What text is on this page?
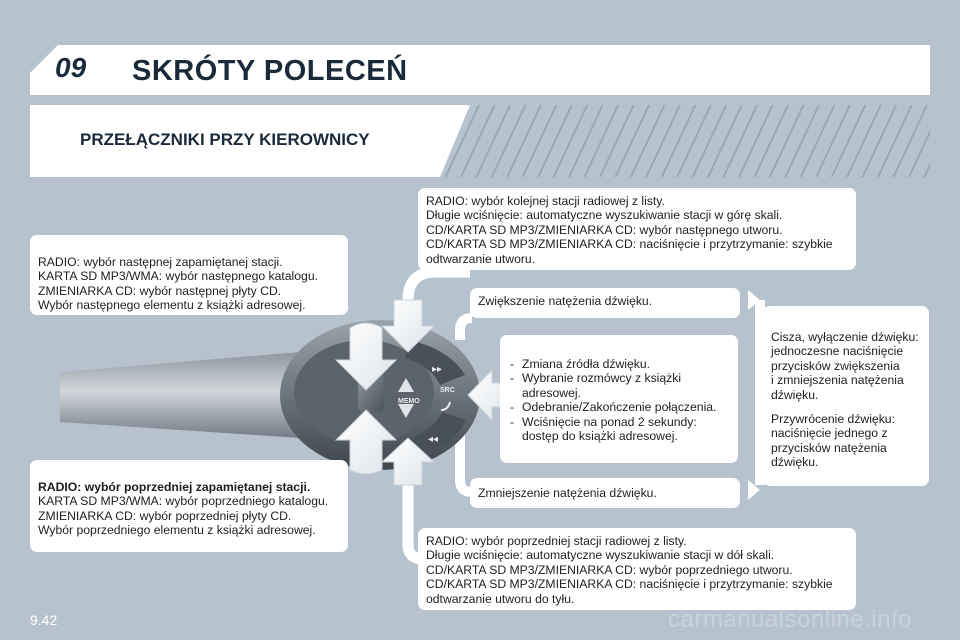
09 SKRÓTY POLECEŃ
PRZEŁĄCZNIKI PRZY KIEROWNICY
MEMO
▸▸
SRC
◂◂
RADIO: wybór następnej zapamiętanej stacji.
KARTA SD MP3/WMA: wybór następnego katalogu.
ZMIENIARKA CD: wybór następnej płyty CD.
Wybór następnego elementu z książki adresowej.
RADIO: wybór poprzedniej zapamiętanej stacji.
KARTA SD MP3/WMA: wybór poprzedniego katalogu.
ZMIENIARKA CD: wybór poprzedniej płyty CD.
Wybór poprzedniego elementu z książki adresowej.
RADIO: wybór kolejnej stacji radiowej z listy.
Długie wciśnięcie: automatyczne wyszukiwanie stacji w górę skali.
CD/KARTA SD MP3/ZMIENIARKA CD: wybór następnego utworu.
CD/KARTA SD MP3/ZMIENIARKA CD: naciśnięcie i przytrzymanie: szybkie
odtwarzanie utworu.
Zwiększenie natężenia dźwięku.
- Zmiana źródła dźwięku.
- Wybranie rozmówcy z książki adresowej.
- Odebranie/Zakończenie połączenia.
- Wciśnięcie na ponad 2 sekundy: dostęp do książki adresowej.
Cisza, wyłączenie dźwięku:
jednoczesne naciśnięcie
przycisków zwiększenia
i zmniejszenia natężenia
dźwięku.
Przywrócenie dźwięku:
naciśnięcie jednego z
przycisków natężenia
dźwięku.
Zmniejszenie natężenia dźwięku.
RADIO: wybór poprzedniej stacji radiowej z listy.
Długie wciśnięcie: automatyczne wyszukiwanie stacji w dół skali.
CD/KARTA SD MP3/ZMIENIARKA CD: wybór poprzedniego utworu.
CD/KARTA SD MP3/ZMIENIARKA CD: naciśnięcie i przytrzymanie: szybkie
odtwarzanie utworu do tyłu.
9.42	carmanualsonline.info
